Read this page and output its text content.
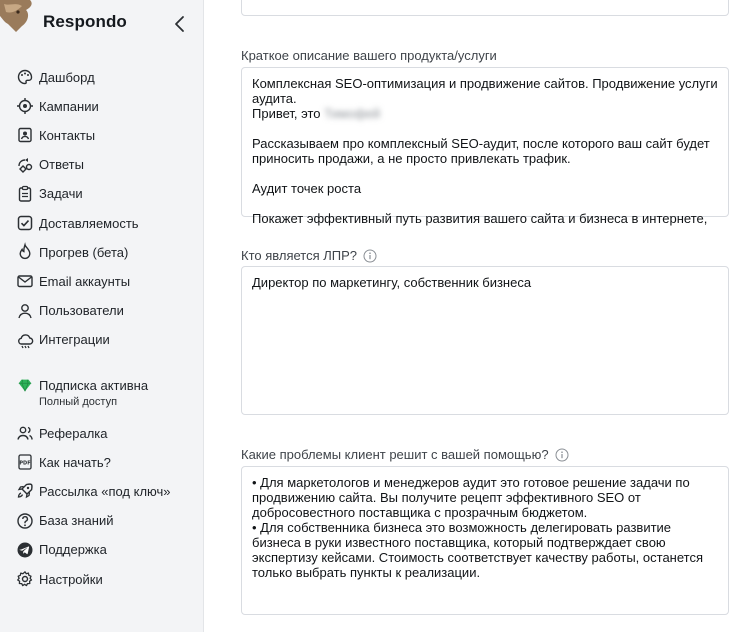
Respondo
Дашборд
Кампании
Контакты
Ответы
Задачи
Доставляемость
Прогрев (бета)
Email аккаунты
Пользователи
Интеграции
Подписка активна
Полный доступ
Рефералка
PDF Как начать?
Рассылка «под ключ»
База знаний
Поддержка
Настройки
Краткое описание вашего продукта/услуги
Комплексная SEO-оптимизация и продвижение сайтов. Продвижение услуги аудита.
Привет, это Тимофей

Рассказываем про комплексный SEO-аудит, после которого ваш сайт будет приносить продажи, а не просто привлекать трафик.

Аудит точек роста

Покажет эффективный путь развития вашего сайта и бизнеса в интернете,
Кто является ЛПР?
Директор по маркетингу, собственник бизнеса
Какие проблемы клиент решит с вашей помощью?
• Для маркетологов и менеджеров аудит это готовое решение задачи по продвижению сайта. Вы получите рецепт эффективного SEO от добросовестного поставщика с прозрачным бюджетом.
• Для собственника бизнеса это возможность делегировать развитие бизнеса в руки известного поставщика, который подтверждает свою экспертизу кейсами. Стоимость соответствует качеству работы, останется только выбрать пункты к реализации.
